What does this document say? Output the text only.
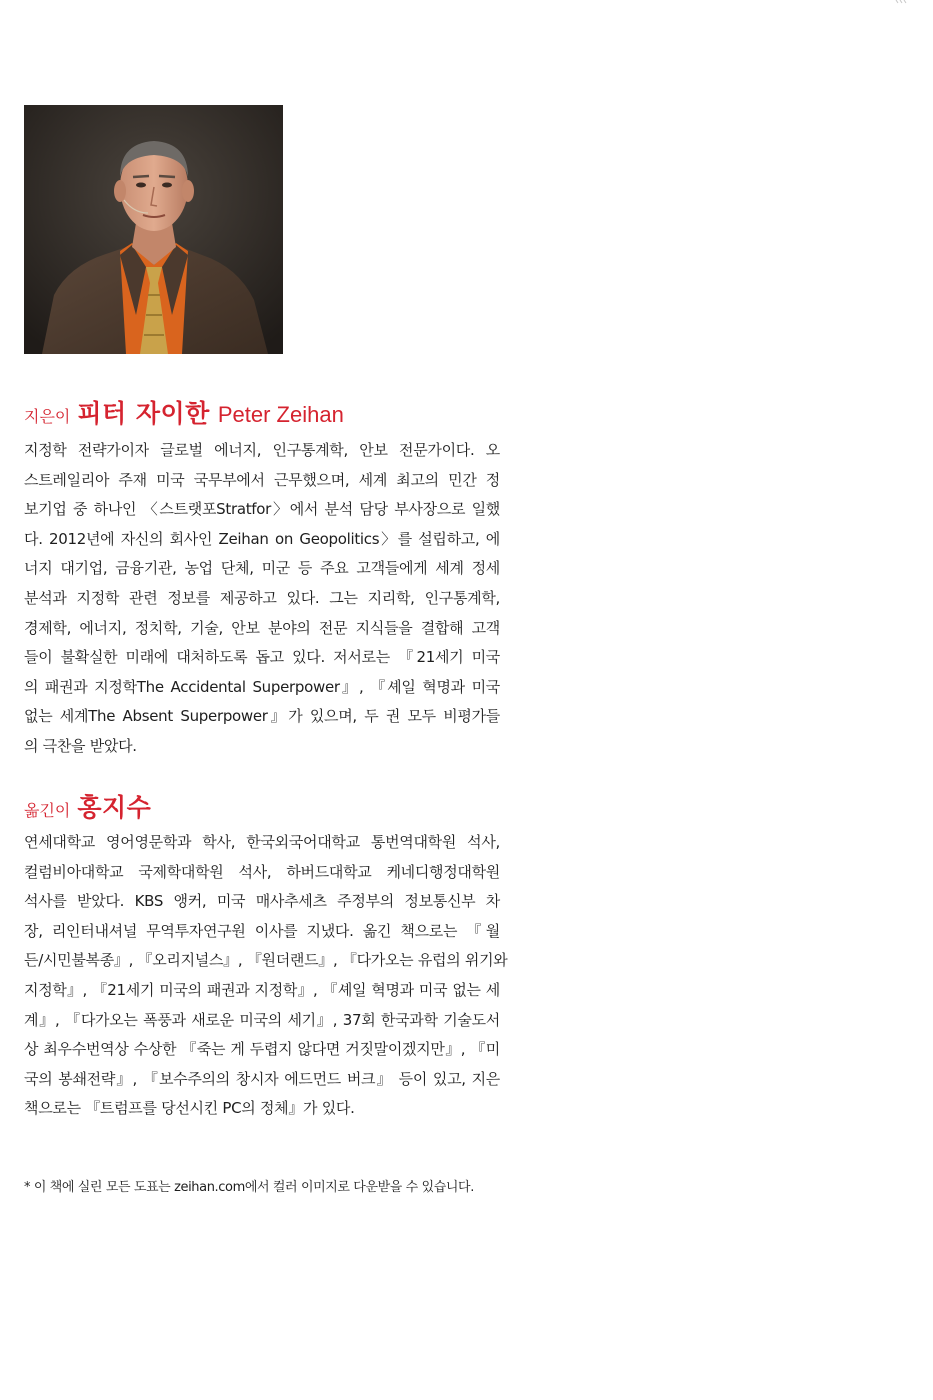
지은이 피터 자이한 Peter Zeihan

지정학 전략가이자 글로벌 에너지, 인구통계학, 안보 전문가이다. 오
스트레일리아 주재 미국 국무부에서 근무했으며, 세계 최고의 민간 정
보기업 중 하나인 〈스트랫포Stratfor〉에서 분석 담당 부사장으로 일했
다. 2012년에 자신의 회사인 Zeihan on Geopolitics〉를 설립하고, 에
너지 대기업, 금융기관, 농업 단체, 미군 등 주요 고객들에게 세계 정세
분석과 지정학 관련 정보를 제공하고 있다. 그는 지리학, 인구통계학,
경제학, 에너지, 정치학, 기술, 안보 분야의 전문 지식들을 결합해 고객
들이 불확실한 미래에 대처하도록 돕고 있다. 저서로는 『21세기 미국
의 패권과 지정학The Accidental Superpower』, 『셰일 혁명과 미국
없는 세계The Absent Superpower』가 있으며, 두 권 모두 비평가들
의 극찬을 받았다.

옮긴이 홍지수

연세대학교 영어영문학과 학사, 한국외국어대학교 통번역대학원 석사,
컬럼비아대학교 국제학대학원 석사, 하버드대학교 케네디행정대학원
석사를 받았다. KBS 앵커, 미국 매사추세츠 주정부의 정보통신부 차
장, 리인터내셔널 무역투자연구원 이사를 지냈다. 옮긴 책으로는 『월
든/시민불복종』, 『오리지널스』, 『원더랜드』, 『다가오는 유럽의 위기와
지정학』, 『21세기 미국의 패권과 지정학』, 『셰일 혁명과 미국 없는 세
계』, 『다가오는 폭풍과 새로운 미국의 세기』, 37회 한국과학 기술도서
상 최우수번역상 수상한 『죽는 게 두렵지 않다면 거짓말이겠지만』, 『미
국의 봉쇄전략』, 『보수주의의 창시자 에드먼드 버크』 등이 있고, 지은
책으로는 『트럼프를 당선시킨 PC의 정체』가 있다.

* 이 책에 실린 모든 도표는 zeihan.com에서 컬러 이미지로 다운받을 수 있습니다.
